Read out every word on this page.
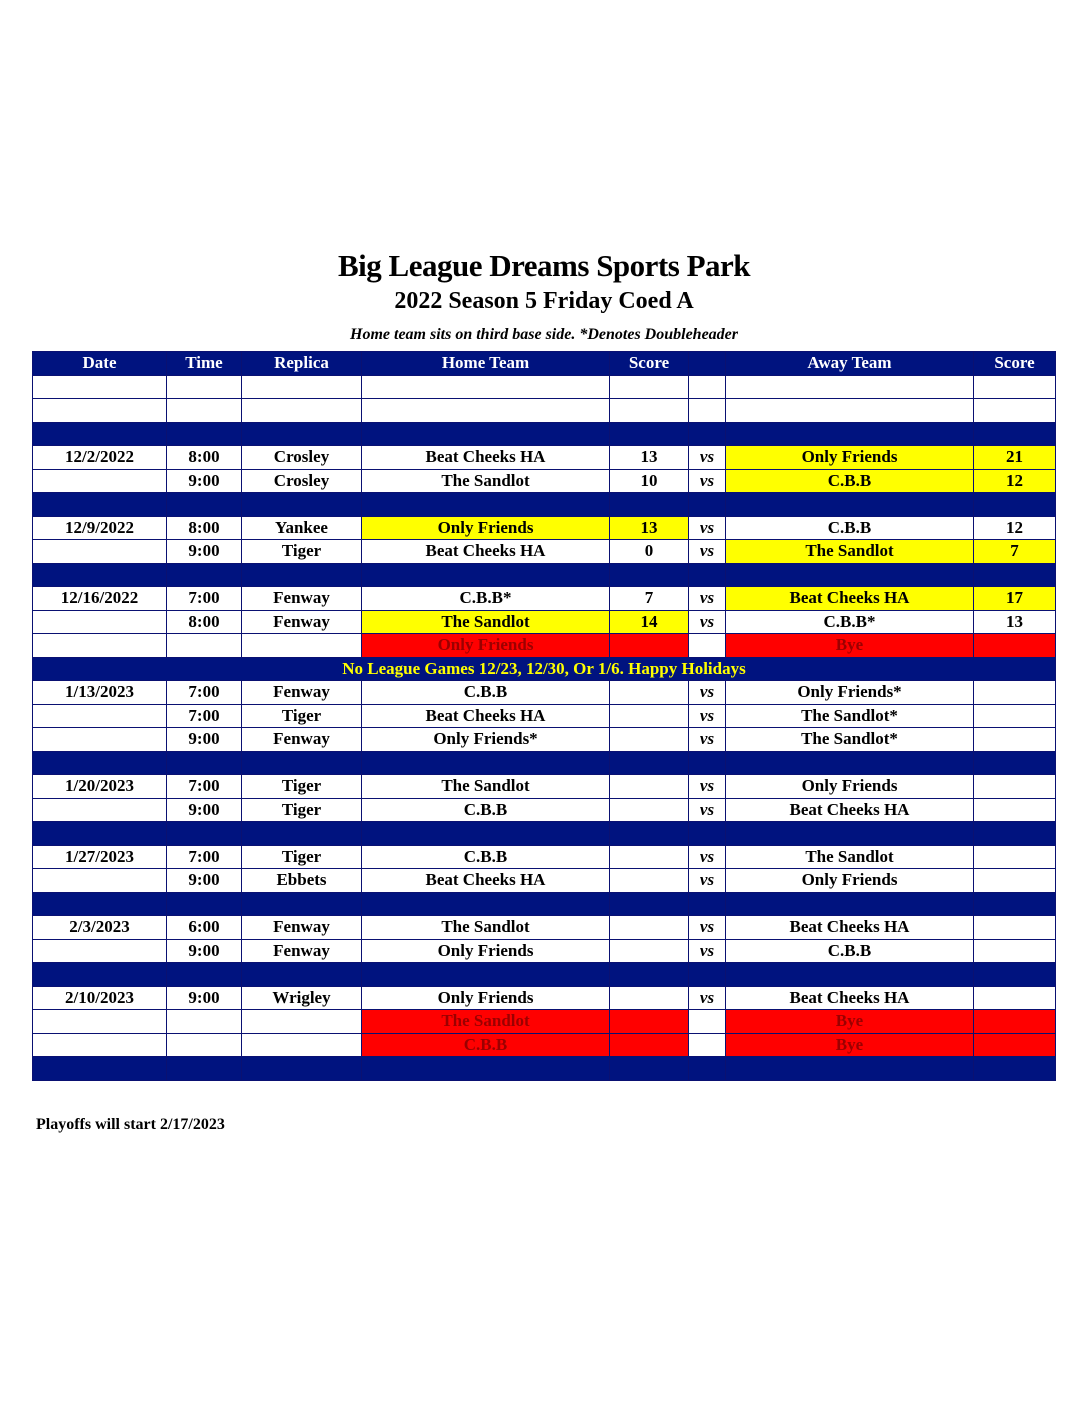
Big League Dreams Sports Park
2022 Season 5 Friday Coed A
Home team sits on third base side. *Denotes Doubleheader
Date	Time	Replica	Home Team	Score		Away Team	Score

12/2/2022	8:00	Crosley	Beat Cheeks HA	13	vs	Only Friends	21
	9:00	Crosley	The Sandlot	10	vs	C.B.B	12

12/9/2022	8:00	Yankee	Only Friends	13	vs	C.B.B	12
	9:00	Tiger	Beat Cheeks HA	0	vs	The Sandlot	7

12/16/2022	7:00	Fenway	C.B.B*	7	vs	Beat Cheeks HA	17
	8:00	Fenway	The Sandlot	14	vs	C.B.B*	13
			Only Friends			Bye	
No League Games 12/23, 12/30, Or 1/6. Happy Holidays							
1/13/2023	7:00	Fenway	C.B.B		vs	Only Friends*	
	7:00	Tiger	Beat Cheeks HA		vs	The Sandlot*	
	9:00	Fenway	Only Friends*		vs	The Sandlot*	

1/20/2023	7:00	Tiger	The Sandlot		vs	Only Friends	
	9:00	Tiger	C.B.B		vs	Beat Cheeks HA	

1/27/2023	7:00	Tiger	C.B.B		vs	The Sandlot	
	9:00	Ebbets	Beat Cheeks HA		vs	Only Friends	

2/3/2023	6:00	Fenway	The Sandlot		vs	Beat Cheeks HA	
	9:00	Fenway	Only Friends		vs	C.B.B	

2/10/2023	9:00	Wrigley	Only Friends		vs	Beat Cheeks HA	
			The Sandlot			Bye	
			C.B.B			Bye	

Playoffs will start 2/17/2023
